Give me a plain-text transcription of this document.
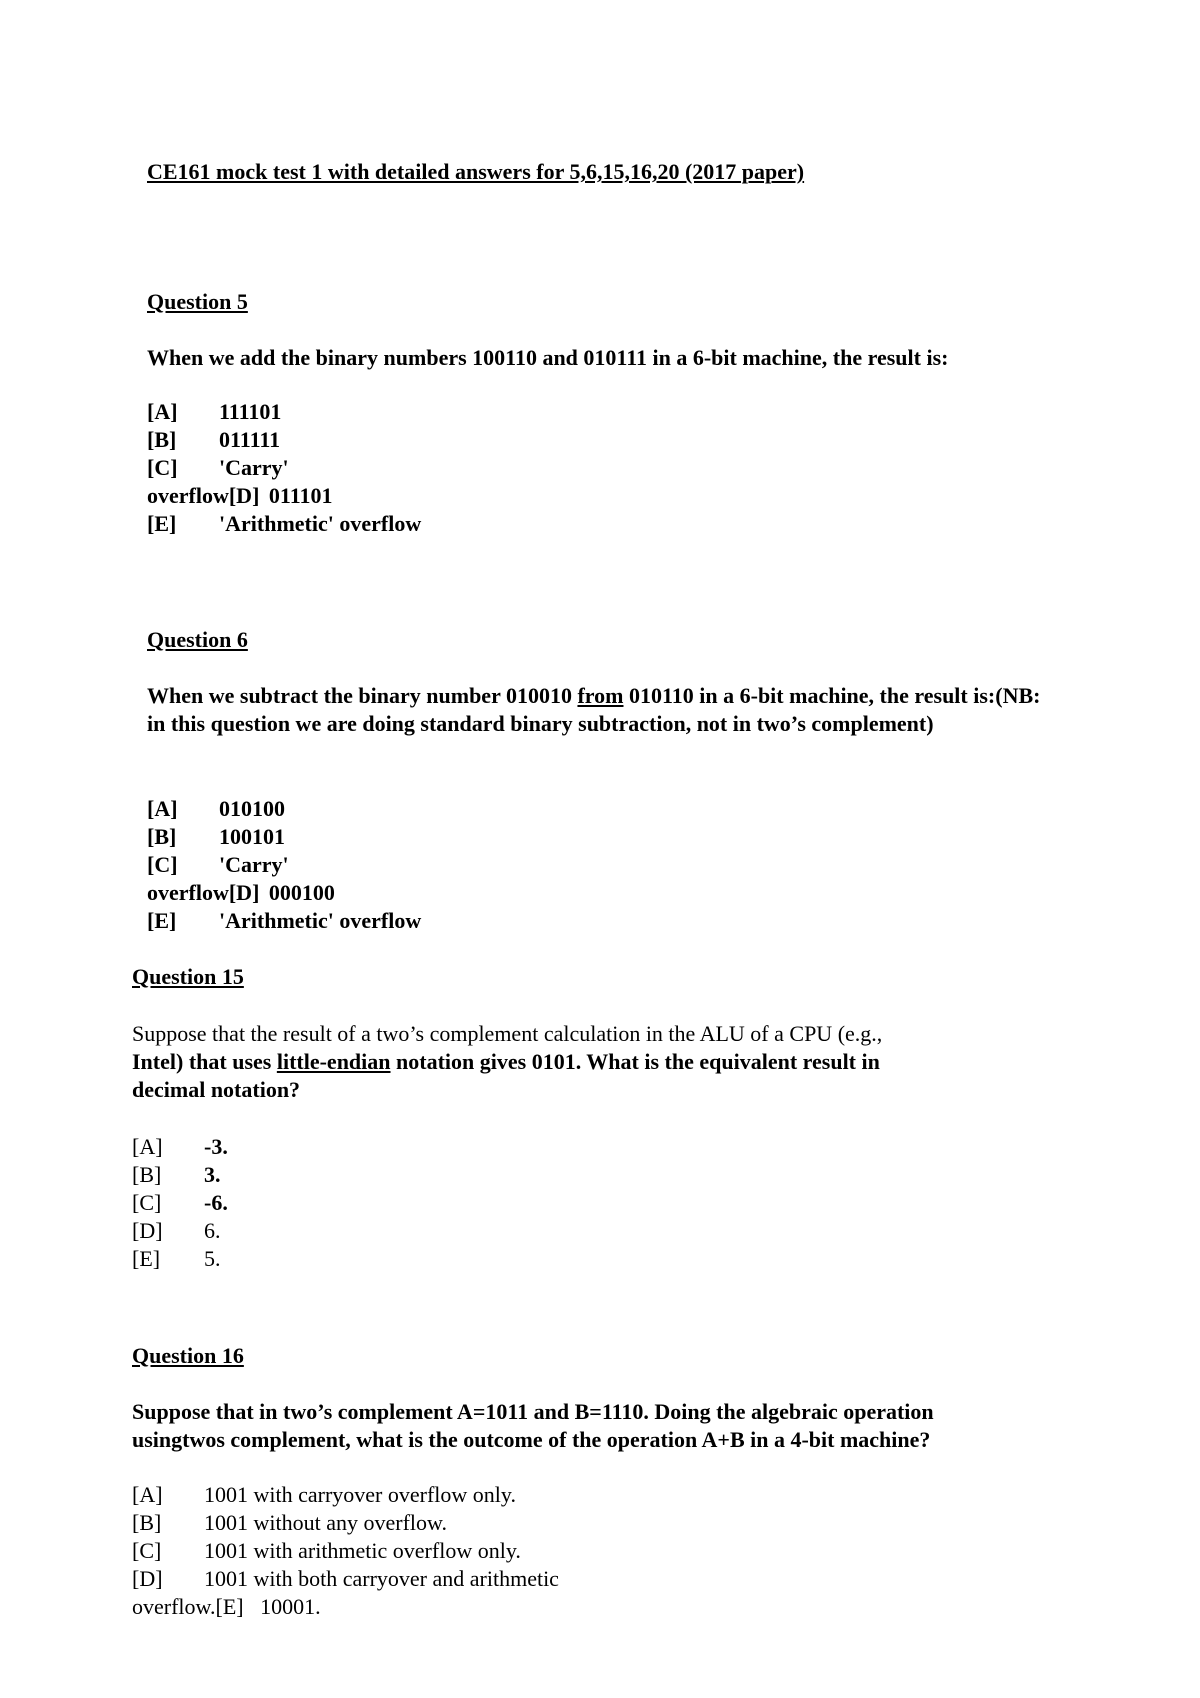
CE161 mock test 1 with detailed answers for 5,6,15,16,20 (2017 paper)
Question 5
When we add the binary numbers 100110 and 010111 in a 6-bit machine, the result is:
[A] 111101
[B] 011111
[C] 'Carry'
overflow[D] 011101
[E] 'Arithmetic' overflow
Question 6
When we subtract the binary number 010010 from 010110 in a 6-bit machine, the result is:(NB: in this question we are doing standard binary subtraction, not in two’s complement)
[A] 010100
[B] 100101
[C] 'Carry'
overflow[D] 000100
[E] 'Arithmetic' overflow
Question 15
Suppose that the result of a two’s complement calculation in the ALU of a CPU (e.g.,
Intel) that uses little-endian notation gives 0101. What is the equivalent result in
decimal notation?
[A] -3.
[B] 3.
[C] -6.
[D] 6.
[E] 5.
Question 16
Suppose that in two’s complement A=1011 and B=1110. Doing the algebraic operation
usingtwos complement, what is the outcome of the operation A+B in a 4-bit machine?
[A] 1001 with carryover overflow only.
[B] 1001 without any overflow.
[C] 1001 with arithmetic overflow only.
[D] 1001 with both carryover and arithmetic
overflow.[E]   10001.
